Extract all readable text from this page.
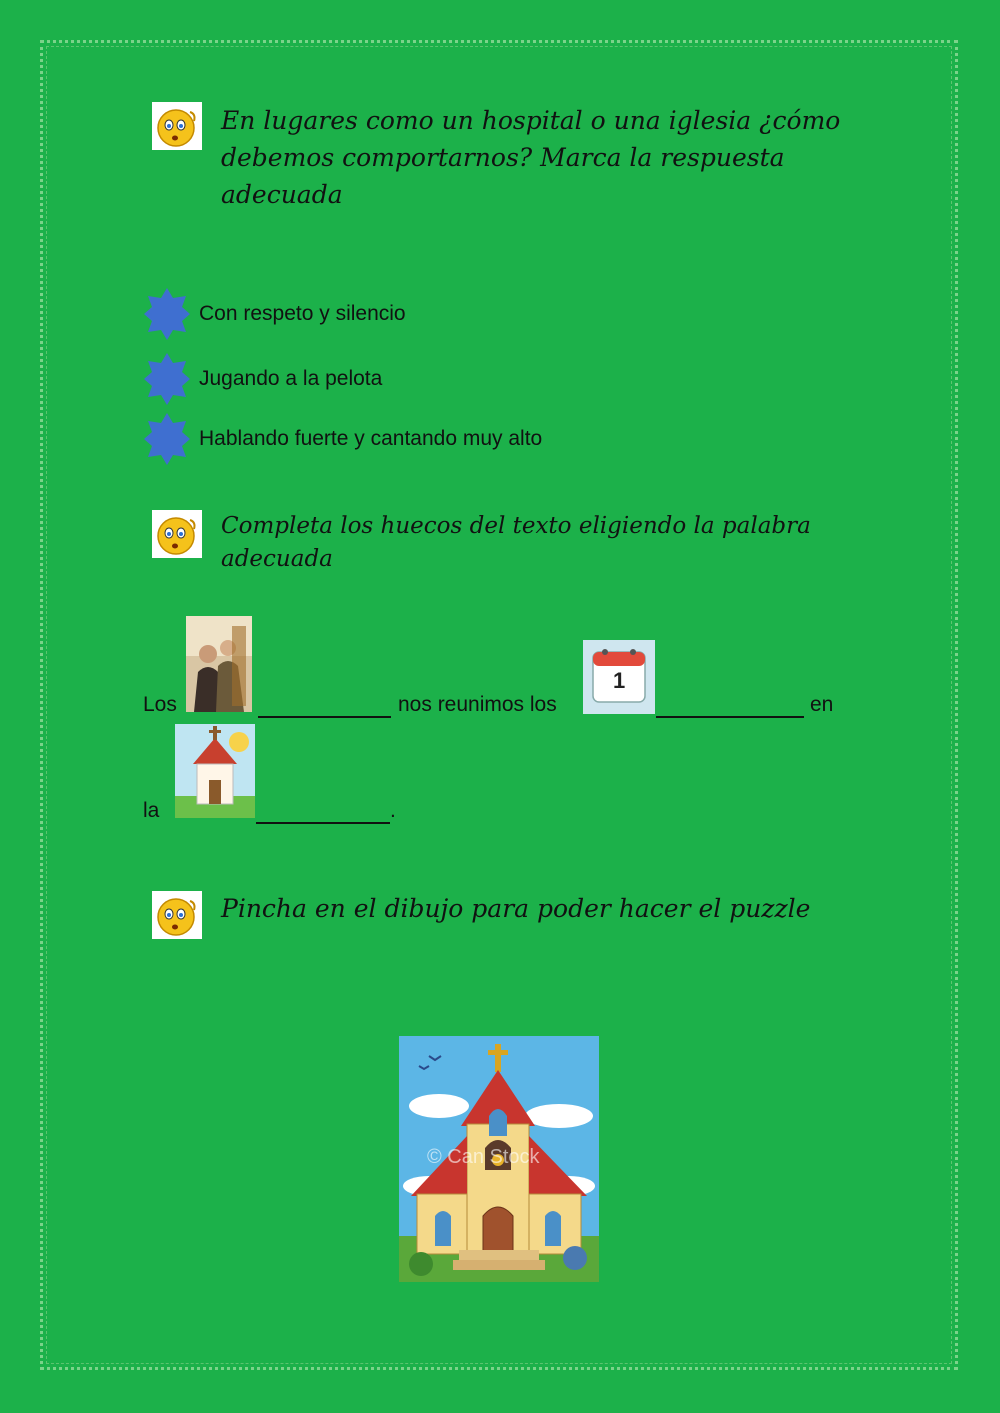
En lugares como un hospital o una iglesia ¿cómo debemos comportarnos? Marca la respuesta adecuada
Con respeto y silencio
Jugando a la pelota
Hablando fuerte y cantando muy alto
Completa los huecos del texto eligiendo la palabra adecuada
Los	nos reunimos los
1
en
la	.
Pincha en el dibujo para poder hacer el puzzle
© Can Stock
